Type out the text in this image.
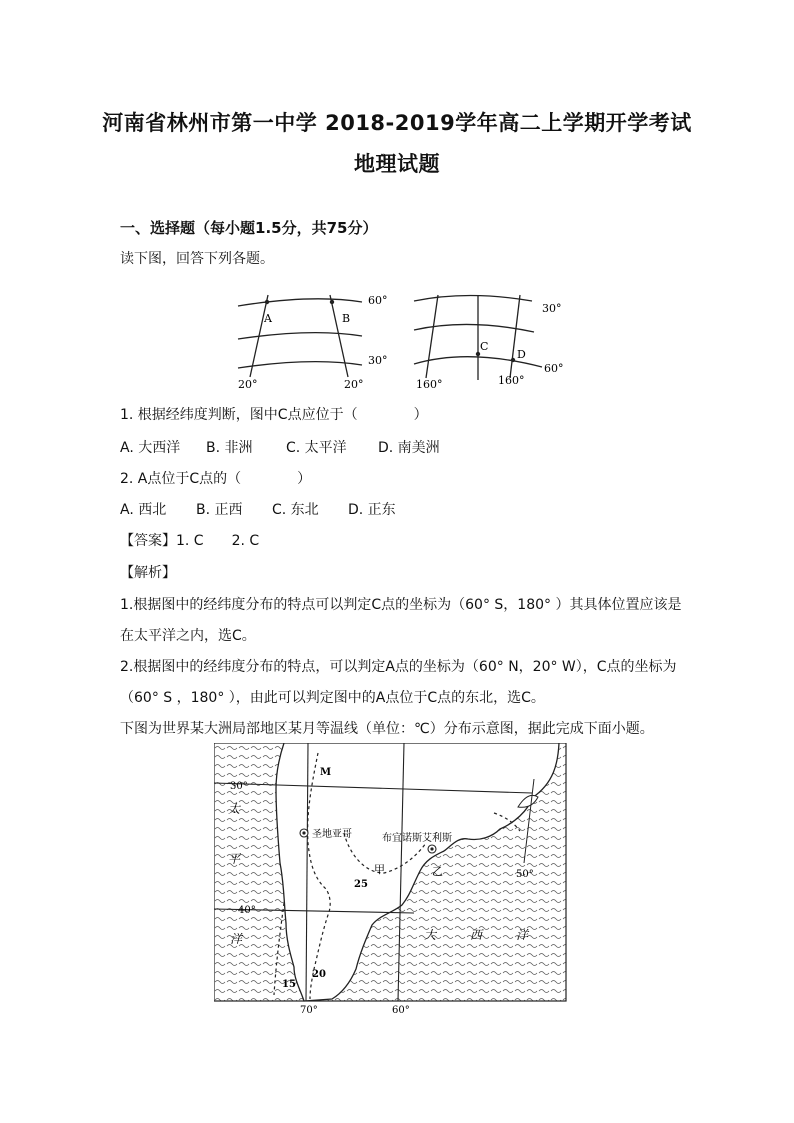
河南省林州市第一中学 2018-2019学年高二上学期开学考试
地理试题
一、选择题（每小题1.5分，共75分）
读下图，回答下列各题。
A	B
60°
30°
20°	20°
C
D
30°
60°
160°	160°
1. 根据经纬度判断，图中C点应位于（　　　　）
A. 大西洋 B. 非洲 C. 太平洋 D. 南美洲
2. A点位于C点的（　　　　）
A. 西北 B. 正西 C. 东北 D. 正东
【答案】1. C　　2. C
【解析】
1.根据图中的经纬度分布的特点可以判定C点的坐标为（60° S，180° ）其具体位置应该是
在太平洋之内，选C。
2.根据图中的经纬度分布的特点，可以判定A点的坐标为（60° N，20° W），C点的坐标为
（60° S ，180° ），由此可以判定图中的A点位于C点的东北，选C。
下图为世界某大洲局部地区某月等温线（单位：℃）分布示意图，据此完成下面小题。
30°
40°
70°	60°
50°
M
圣地亚哥	布宜诺斯艾利斯
甲	乙
25
20
15
太
平
洋	大	西	洋
